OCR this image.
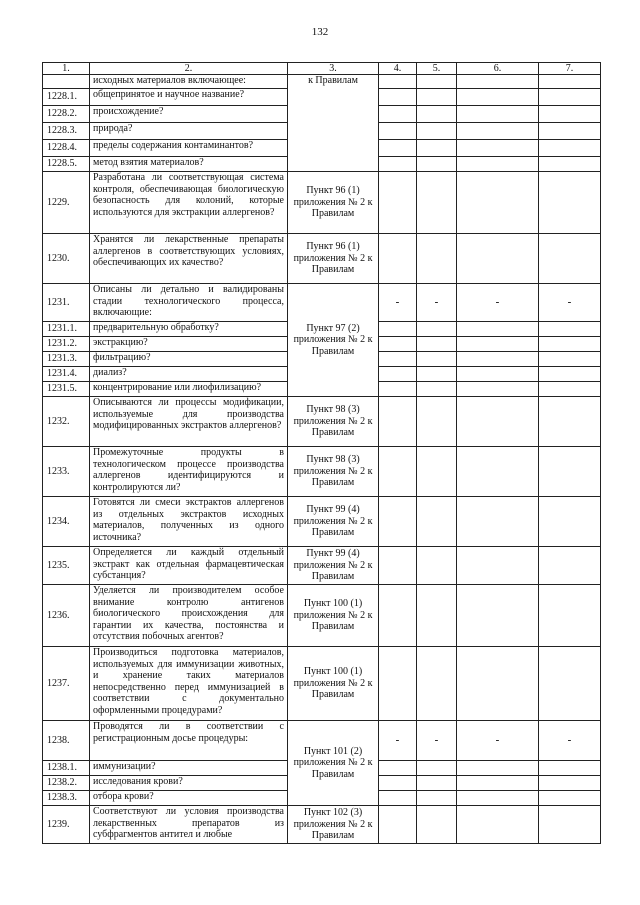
132
1.	2.	3.	4.	5.	6.	7.
	исходных материалов включающее:	к Правилам				
1228.1.	общепринятое и научное название?					
1228.2.	происхождение?					
1228.3.	природа?					
1228.4.	пределы содержания контаминантов?					
1228.5.	метод взятия материалов?					
1229.	Разработана ли соответствующая система контроля, обеспечивающая биологическую безопасность для колоний, которые используются для экстракции аллергенов?	Пункт 96 (1) приложения № 2 к Правилам				
1230.	Хранятся ли лекарственные препараты аллергенов в соответствующих условиях, обеспечивающих их качество?	Пункт 96 (1) приложения № 2 к Правилам				
1231.	Описаны ли детально и валидированы стадии технологического процесса, включающие:	Пункт 97 (2) приложения № 2 к Правилам	-	-	-	-
1231.1.	предварительную обработку?					
1231.2.	экстракцию?					
1231.3.	фильтрацию?					
1231.4.	диализ?					
1231.5.	концентрирование или лиофилизацию?					
1232.	Описываются ли процессы модификации, используемые для производства модифицированных экстрактов аллергенов?	Пункт 98 (3) приложения № 2 к Правилам				
1233.	Промежуточные продукты в технологическом процессе производства аллергенов идентифицируются и контролируются ли?	Пункт 98 (3) приложения № 2 к Правилам				
1234.	Готовятся ли смеси экстрактов аллергенов из отдельных экстрактов исходных материалов, полученных из одного источника?	Пункт 99 (4) приложения № 2 к Правилам				
1235.	Определяется ли каждый отдельный экстракт как отдельная фармацевтическая субстанция?	Пункт 99 (4) приложения № 2 к Правилам				
1236.	Уделяется ли производителем особое внимание контролю антигенов биологического происхождения для гарантии их качества, постоянства и отсутствия побочных агентов?	Пункт 100 (1) приложения № 2 к Правилам				
1237.	Производиться подготовка материалов, используемых для иммунизации животных, и хранение таких материалов непосредственно перед иммунизацией в соответствии с документально оформленными процедурами?	Пункт 100 (1) приложения № 2 к Правилам				
1238.	Проводятся ли в соответствии с регистрационным досье процедуры:	Пункт 101 (2) приложения № 2 к Правилам	-	-	-	-
1238.1.	иммунизации?					
1238.2.	исследования крови?					
1238.3.	отбора крови?					
1239.	Соответствуют ли условия производства лекарственных препаратов из субфрагментов антител и любые	Пункт 102 (3) приложения № 2 к Правилам				
